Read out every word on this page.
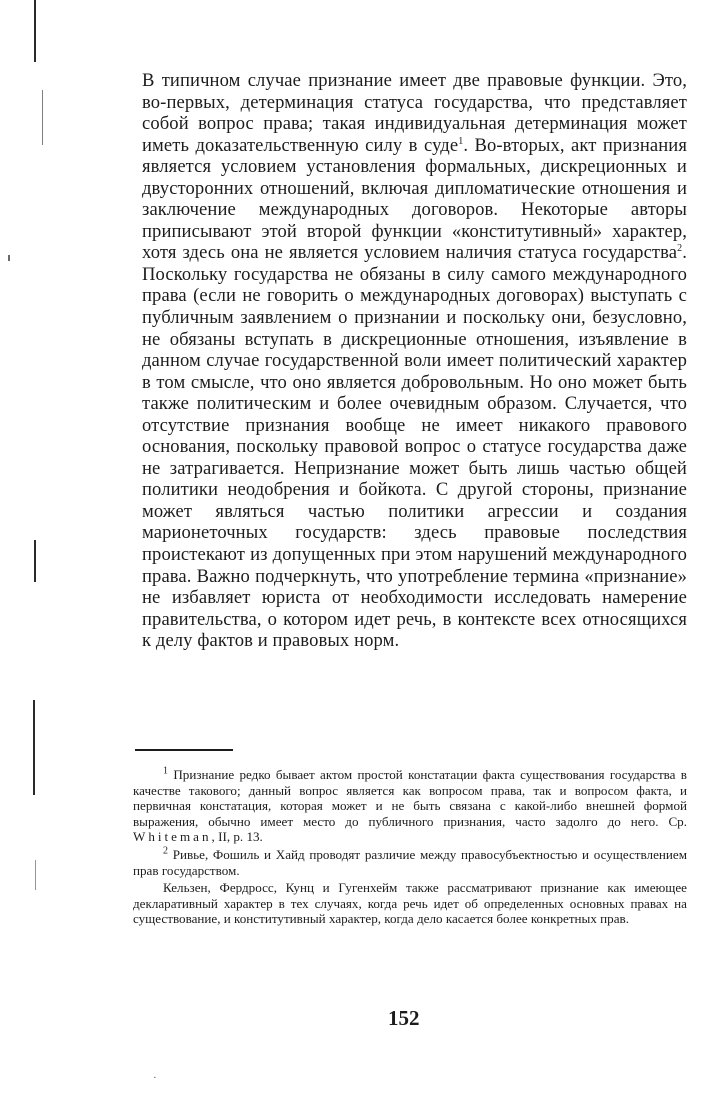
В типичном случае признание имеет две правовые функции. Это, во-первых, детерминация статуса государства, что представляет собой вопрос права; такая индивидуальная детерминация может иметь доказательственную силу в суде$^1$. Во-вторых, акт признания является условием установления формальных, дискреционных и двусторонних отношений, включая дипломатические отношения и заключение международных договоров. Некоторые авторы приписывают этой второй функции «конститутивный» характер, хотя здесь она не является условием наличия статуса государства$^2$. Поскольку государства не обязаны в силу самого международного права (если не говорить о международных договорах) выступать с публичным заявлением о признании и поскольку они, безусловно, не обязаны вступать в дискреционные отношения, изъявление в данном случае государственной воли имеет политический характер в том смысле, что оно является добровольным. Но оно может быть также политическим и более очевидным образом. Случается, что отсутствие признания вообще не имеет никакого правового основания, поскольку правовой вопрос о статусе государства даже не затрагивается. Непризнание может быть лишь частью общей политики неодобрения и бойкота. С другой стороны, признание может являться частью политики агрессии и создания марионеточных государств: здесь правовые последствия проистекают из допущенных при этом нарушений международного права. Важно подчеркнуть, что употребление термина «признание» не избавляет юриста от необходимости исследовать намерение правительства, о котором идет речь, в контексте всех относящихся к делу фактов и правовых норм.

$^1$ Признание редко бывает актом простой констатации факта существования государства в качестве такового; данный вопрос является как вопросом права, так и вопросом факта, и первичная констатация, которая может и не быть связана с какой-либо внешней формой выражения, обычно имеет место до публичного признания, часто задолго до него. Ср. Whiteman, II, p. 13.

$^2$ Ривье, Фошиль и Хайд проводят различие между правосубъектностью и осуществлением прав государством.

Кельзен, Фердросс, Кунц и Гугенхейм также рассматривают признание как имеющее декларативный характер в тех случаях, когда речь идет об определенных основных правах на существование, и конститутивный характер, когда дело касается более конкретных прав.

152
·
